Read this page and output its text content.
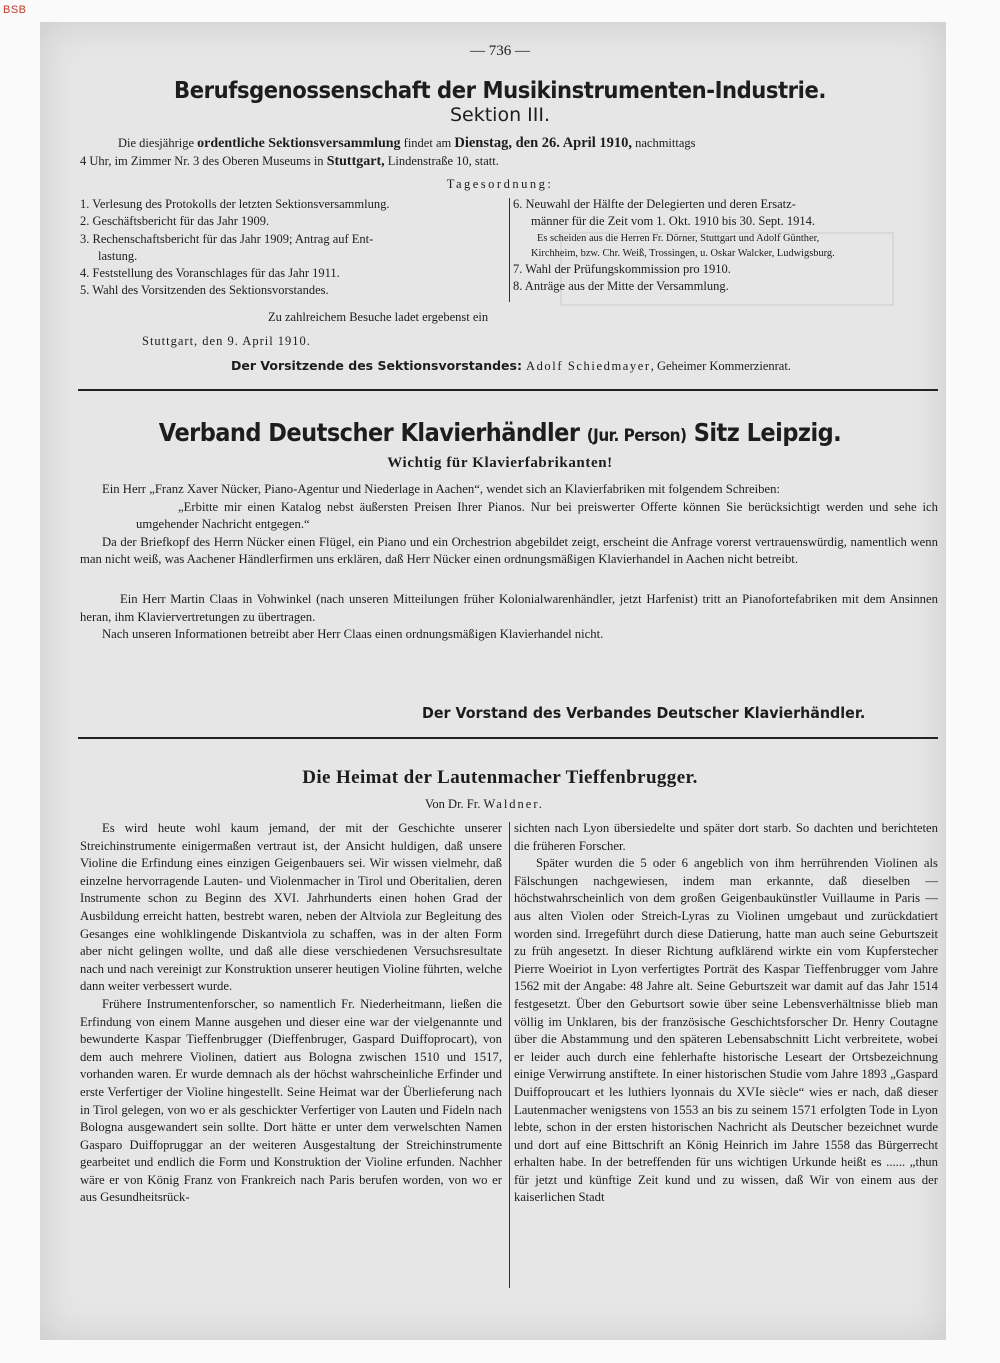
BSB
— 736 —
Berufsgenossenschaft der Musikinstrumenten-Industrie.
Sektion III.
Die diesjährige ordentliche Sektionsversammlung findet am Dienstag, den 26. April 1910, nachmittags
4 Uhr, im Zimmer Nr. 3 des Oberen Museums in Stuttgart, Lindenstraße 10, statt.
Tagesordnung:
1. Verlesung des Protokolls der letzten Sektionsversammlung.
2. Geschäftsbericht für das Jahr 1909.
3. Rechenschaftsbericht für das Jahr 1909; Antrag auf Ent-
lastung.
4. Feststellung des Voranschlages für das Jahr 1911.
5. Wahl des Vorsitzenden des Sektionsvorstandes.
6. Neuwahl der Hälfte der Delegierten und deren Ersatz-
männer für die Zeit vom 1. Okt. 1910 bis 30. Sept. 1914.
Es scheiden aus die Herren Fr. Dörner, Stuttgart und Adolf Günther,
Kirchheim, bzw. Chr. Weiß, Trossingen, u. Oskar Walcker, Ludwigsburg.
7. Wahl der Prüfungskommission pro 1910.
8. Anträge aus der Mitte der Versammlung.
Zu zahlreichem Besuche ladet ergebenst ein
Stuttgart, den 9. April 1910.
Der Vorsitzende des Sektionsvorstandes: Adolf Schiedmayer, Geheimer Kommerzienrat.
Verband Deutscher Klavierhändler (Jur. Person) Sitz Leipzig.
Wichtig für Klavierfabrikanten!

Ein Herr „Franz Xaver Nücker, Piano-Agentur und Niederlage in Aachen“, wendet sich an Klavierfabriken mit folgendem Schreiben:

„Erbitte mir einen Katalog nebst äußersten Preisen Ihrer Pianos. Nur bei preiswerter Offerte können Sie berücksichtigt werden und sehe ich umgehender Nachricht entgegen.“

Da der Briefkopf des Herrn Nücker einen Flügel, ein Piano und ein Orchestrion abgebildet zeigt, erscheint die Anfrage vorerst vertrauenswürdig, namentlich wenn man nicht weiß, was Aachener Händlerfirmen uns erklären, daß Herr Nücker einen ordnungsmäßigen Klavierhandel in Aachen nicht betreibt.

Ein Herr Martin Claas in Vohwinkel (nach unseren Mitteilungen früher Kolonialwarenhändler, jetzt Harfenist) tritt an Pianofortefabriken mit dem Ansinnen heran, ihm Klaviervertretungen zu übertragen.

Nach unseren Informationen betreibt aber Herr Claas einen ordnungsmäßigen Klavierhandel nicht.

Der Vorstand des Verbandes Deutscher Klavierhändler.
Die Heimat der Lautenmacher Tieffenbrugger.
Von Dr. Fr. Waldner.

Es wird heute wohl kaum jemand, der mit der Geschichte unserer Streichinstrumente einigermaßen vertraut ist, der Ansicht huldigen, daß unsere Violine die Erfindung eines einzigen Geigenbauers sei. Wir wissen vielmehr, daß einzelne hervorragende Lauten- und Violenmacher in Tirol und Oberitalien, deren Instrumente schon zu Beginn des XVI. Jahrhunderts einen hohen Grad der Ausbildung erreicht hatten, bestrebt waren, neben der Altviola zur Begleitung des Gesanges eine wohlklingende Diskantviola zu schaffen, was in der alten Form aber nicht gelingen wollte, und daß alle diese verschiedenen Versuchsresultate nach und nach vereinigt zur Konstruktion unserer heutigen Violine führten, welche dann weiter verbessert wurde.

Frühere Instrumentenforscher, so namentlich Fr. Niederheitmann, ließen die Erfindung von einem Manne ausgehen und dieser eine war der vielgenannte und bewunderte Kaspar Tieffenbrugger (Dieffenbruger, Gaspard Duiffoprocart), von dem auch mehrere Violinen, datiert aus Bologna zwischen 1510 und 1517, vorhanden waren. Er wurde demnach als der höchst wahrscheinliche Erfinder und erste Verfertiger der Violine hingestellt. Seine Heimat war der Überlieferung nach in Tirol gelegen, von wo er als geschickter Verfertiger von Lauten und Fideln nach Bologna ausgewandert sein sollte. Dort hätte er unter dem verwelschten Namen Gasparo Duiffopruggar an der weiteren Ausgestaltung der Streichinstrumente gearbeitet und endlich die Form und Konstruktion der Violine erfunden. Nachher wäre er von König Franz von Frankreich nach Paris berufen worden, von wo er aus Gesundheitsrück-

sichten nach Lyon übersiedelte und später dort starb. So dachten und berichteten die früheren Forscher.

Später wurden die 5 oder 6 angeblich von ihm herrührenden Violinen als Fälschungen nachgewiesen, indem man erkannte, daß dieselben — höchstwahrscheinlich von dem großen Geigenbaukünstler Vuillaume in Paris — aus alten Violen oder Streich-Lyras zu Violinen umgebaut und zurückdatiert worden sind. Irregeführt durch diese Datierung, hatte man auch seine Geburtszeit zu früh angesetzt. In dieser Richtung aufklärend wirkte ein vom Kupferstecher Pierre Woeiriot in Lyon verfertigtes Porträt des Kaspar Tieffenbrugger vom Jahre 1562 mit der Angabe: 48 Jahre alt. Seine Geburtszeit war damit auf das Jahr 1514 festgesetzt. Über den Geburtsort sowie über seine Lebensverhältnisse blieb man völlig im Unklaren, bis der französische Geschichtsforscher Dr. Henry Coutagne über die Abstammung und den späteren Lebensabschnitt Licht verbreitete, wobei er leider auch durch eine fehlerhafte historische Leseart der Ortsbezeichnung einige Verwirrung anstiftete. In einer historischen Studie vom Jahre 1893 „Gaspard Duiffoproucart et les luthiers lyonnais du XVIe siècle“ wies er nach, daß dieser Lautenmacher wenigstens von 1553 an bis zu seinem 1571 erfolgten Tode in Lyon lebte, schon in der ersten historischen Nachricht als Deutscher bezeichnet wurde und dort auf eine Bittschrift an König Heinrich im Jahre 1558 das Bürgerrecht erhalten habe. In der betreffenden für uns wichtigen Urkunde heißt es ...... „thun für jetzt und künftige Zeit kund und zu wissen, daß Wir von einem aus der kaiserlichen Stadt
